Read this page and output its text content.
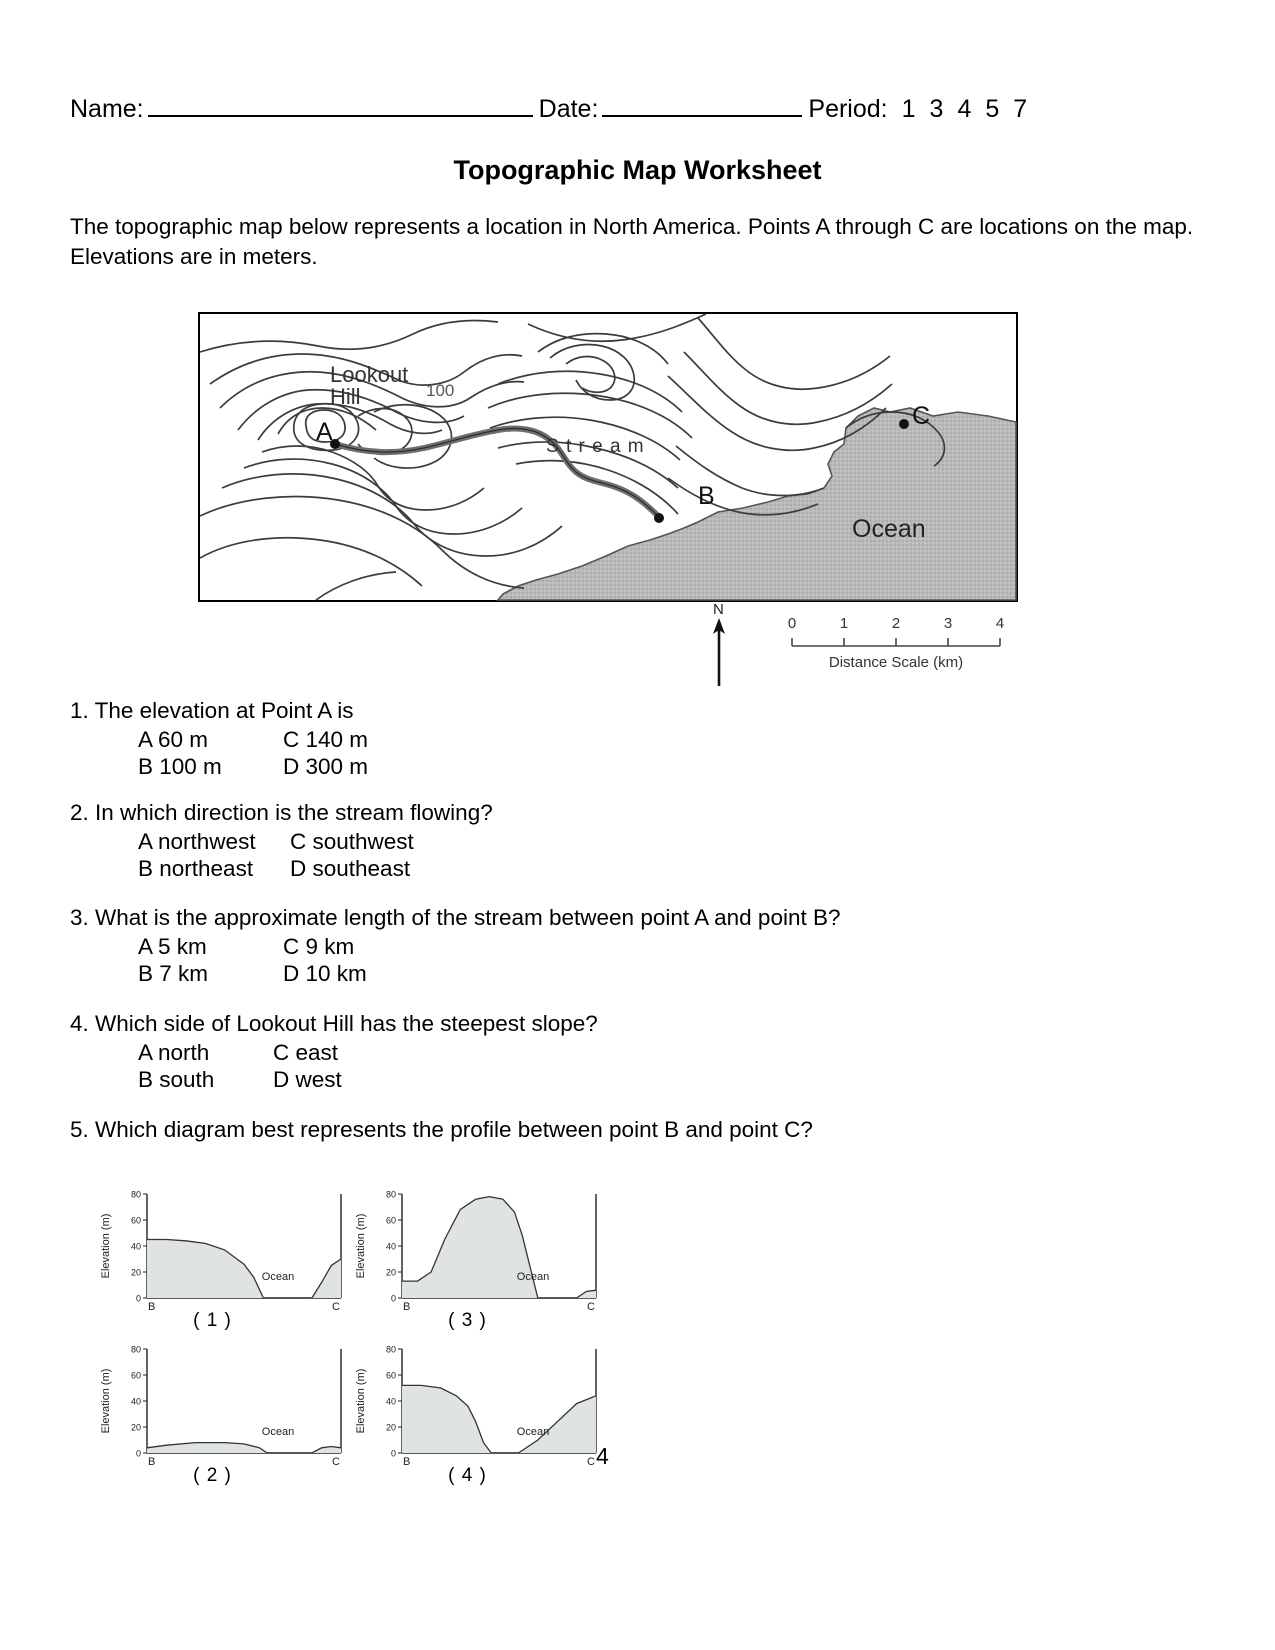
Name:	Date:	Period: 1 3 4 5 7
Topographic Map Worksheet
The topographic map below represents a location in North America. Points A through C are locations on the map. Elevations are in meters.
Lookout
Hill	100
S t r e a m
Ocean
A
B
C
N
0	1	2	3	4
Distance Scale (km)
1. The elevation at Point A is
A 60 m	C 140 m
B 100 m	D 300 m
2. In which direction is the stream flowing?
A northwest	C southwest
B northeast	D southeast
3. What is the approximate length of the stream between point A and point B?
A 5 km	C 9 km
B 7 km	D 10 km
4. Which side of Lookout Hill has the steepest slope?
A north	C east
B south	D west
5. Which diagram best represents the profile between point B and point C?
Elevation (m)
0
20
40
60
80
Ocean
B	C
( 1 )
Elevation (m)
0
20
40
60
80
Ocean
B	C
( 3 )
Elevation (m)
0
20
40
60
80
Ocean
B	C
( 2 )
Elevation (m)
0
20
40
60
80
Ocean
B	C
( 4 )
4
